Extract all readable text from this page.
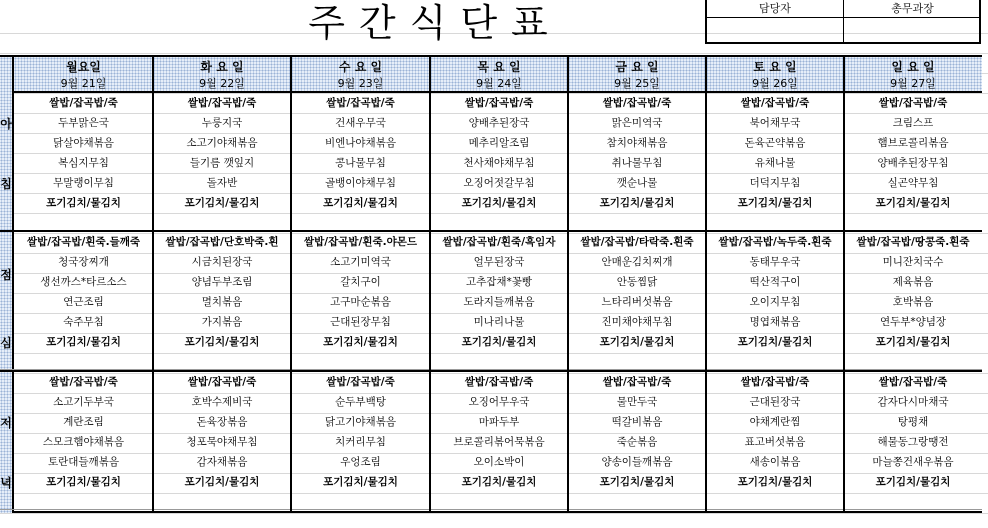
주간식단표	담당자	총무과장
아
침
점
심
저
녁
월요일
9월 21일
쌀밥/잡곡밥/죽
두부맑은국
닭살야채볶음
복심지무침
무말랭이무침
포기김치/물김치
쌀밥/잡곡밥/흰죽.들깨죽
청국장찌개
생선까스*타르소스
연근조림
숙주무침
포기김치/물김치
쌀밥/잡곡밥/죽
소고기두부국
계란조림
스모크햄야채볶음
토란대들깨볶음
포기김치/물김치
화 요 일
9월 22일
쌀밥/잡곡밥/죽
누룽지국
소고기야채볶음
들기름 깻잎지
돌자반
포기김치/물김치
쌀밥/잡곡밥/단호박죽.흰
시금치된장국
양념두부조림
멸치볶음
가지볶음
포기김치/물김치
쌀밥/잡곡밥/죽
호박수제비국
돈육장볶음
청포묵야채무침
감자채볶음
포기김치/물김치
수 요 일
9월 23일
쌀밥/잡곡밥/죽
건새우무국
비엔나야채볶음
콩나물무침
골뱅이야채무침
포기김치/물김치
쌀밥/잡곡밥/흰죽.야몬드
소고기미역국
갈치구이
고구마순볶음
근대된장무침
포기김치/물김치
쌀밥/잡곡밥/죽
순두부백탕
닭고기야채볶음
치커리무침
우엉조림
포기김치/물김치
목 요 일
9월 24일
쌀밥/잡곡밥/죽
양배추된장국
메추리알조림
천사채야채무침
오징어젓갈무침
포기김치/물김치
쌀밥/잡곡밥/흰죽/흑임자
얼무된장국
고추잡채*꽃빵
도라지들깨볶음
미나리나물
포기김치/물김치
쌀밥/잡곡밥/죽
오징어무우국
마파두부
브로콜리볶어묵볶음
오이소박이
포기김치/물김치
금 요 일
9월 25일
쌀밥/잡곡밥/죽
맑은미역국
참치야채볶음
취나물무침
깻순나물
포기김치/물김치
쌀밥/잡곡밥/타락죽.흰죽
안매운김치찌개
안동찜닭
느타리버섯볶음
진미채야채무침
포기김치/물김치
쌀밥/잡곡밥/죽
물만두국
떡갈비볶음
죽순볶음
양송이들깨볶음
포기김치/물김치
토 요 일
9월 26일
쌀밥/잡곡밥/죽
북어채무국
돈육곤약볶음
유채나물
더덕지무침
포기김치/물김치
쌀밥/잡곡밥/녹두죽.흰죽
동태무우국
떡산적구이
오이지무침
명엽채볶음
포기김치/물김치
쌀밥/잡곡밥/죽
근대된장국
야채계란찜
표고버섯볶음
새송이볶음
포기김치/물김치
일 요 일
9월 27일
쌀밥/잡곡밥/죽
크림스프
햄브로콜리볶음
양배추된장무침
실곤약무침
포기김치/물김치
쌀밥/잡곡밥/땅콩죽.흰죽
미니잔치국수
제육볶음
호박볶음
연두부*양념장
포기김치/물김치
쌀밥/잡곡밥/죽
감자다시마채국
탕평채
해물동그랑땡전
마늘쫑건새우볶음
포기김치/물김치
